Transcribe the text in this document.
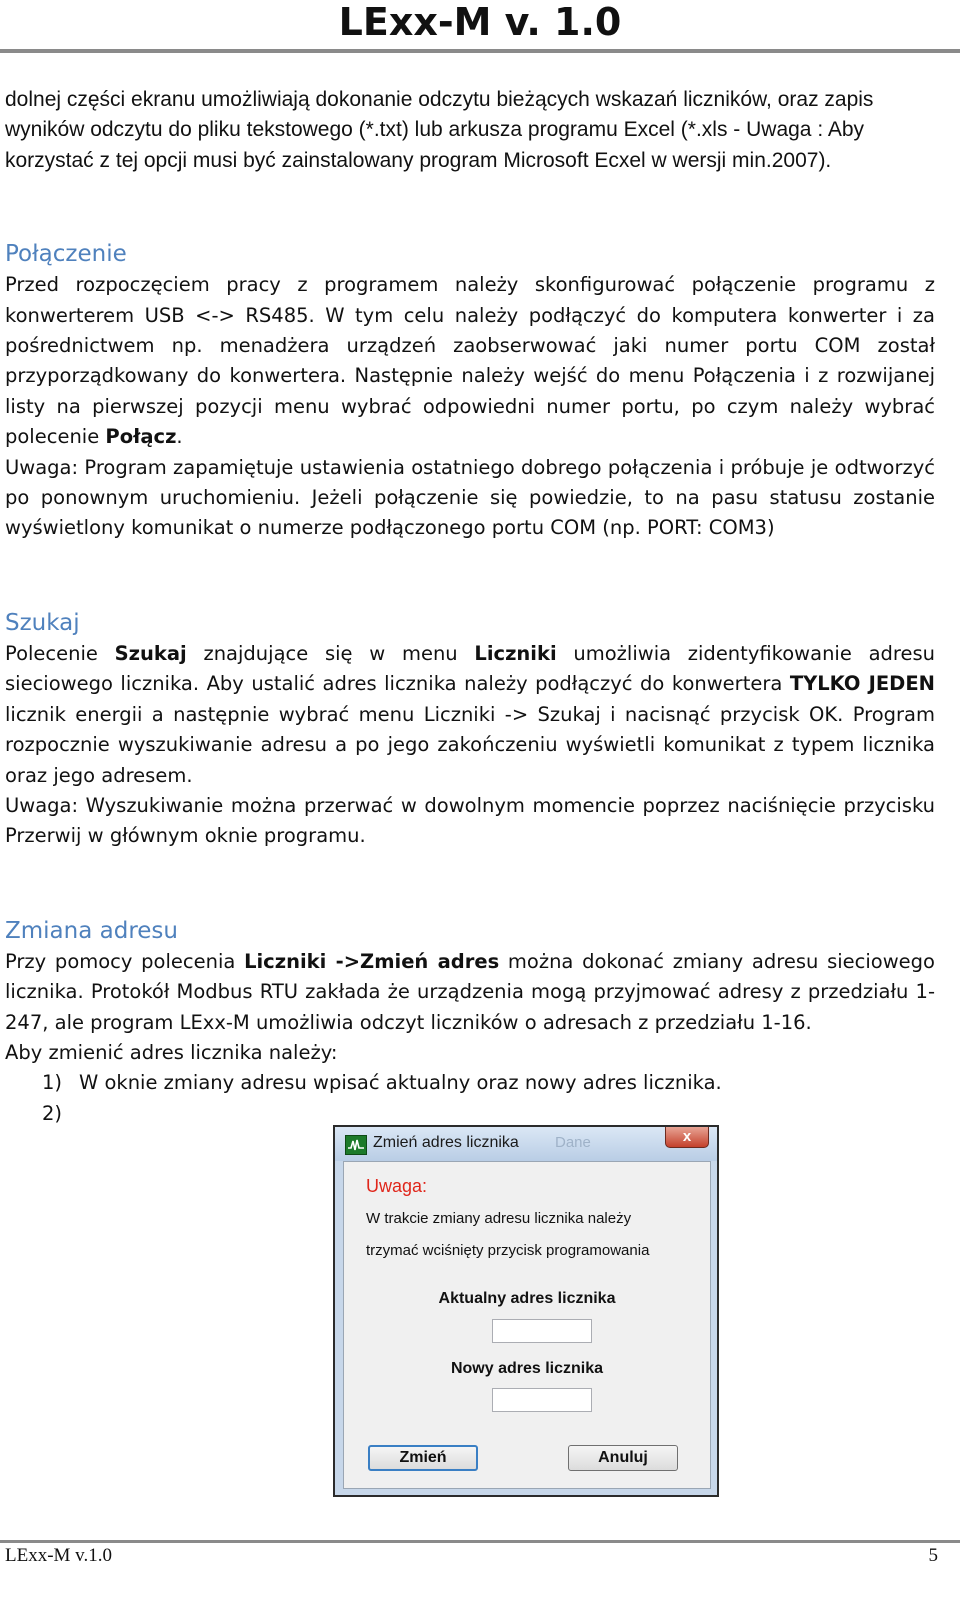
LExx-M v. 1.0

dolnej części ekranu umożliwiają dokonanie odczytu bieżących wskazań liczników, oraz zapis
wyników odczytu do pliku tekstowego (*.txt) lub arkusza programu Excel (*.xls - Uwaga : Aby
korzystać z tej opcji musi być zainstalowany program Microsoft Ecxel w wersji min.2007).

Połączenie

Przed rozpoczęciem pracy z programem należy skonfigurować połączenie programu z konwerterem USB <-> RS485. W tym celu należy podłączyć do komputera konwerter i za pośrednictwem np. menadżera urządzeń zaobserwować jaki numer portu COM został przyporządkowany do konwertera. Następnie należy wejść do menu Połączenia i z rozwijanej listy na pierwszej pozycji menu wybrać odpowiedni numer portu, po czym należy wybrać polecenie Połącz.

Uwaga: Program zapamiętuje ustawienia ostatniego dobrego połączenia i próbuje je odtworzyć po ponownym uruchomieniu. Jeżeli połączenie się powiedzie, to na pasu statusu zostanie wyświetlony komunikat o numerze podłączonego portu COM (np. PORT: COM3)

Szukaj

Polecenie Szukaj znajdujące się w menu Liczniki umożliwia zidentyfikowanie adresu sieciowego licznika. Aby ustalić adres licznika należy podłączyć do konwertera TYLKO JEDEN licznik energii a następnie wybrać menu Liczniki -> Szukaj i nacisnąć przycisk OK. Program rozpocznie wyszukiwanie adresu a po jego zakończeniu wyświetli komunikat z typem licznika oraz jego adresem.

Uwaga: Wyszukiwanie można przerwać w dowolnym momencie poprzez naciśnięcie przycisku Przerwij w głównym oknie programu.

Zmiana adresu

Przy pomocy polecenia Liczniki ->Zmień adres można dokonać zmiany adresu sieciowego licznika. Protokół Modbus RTU zakłada że urządzenia mogą przyjmować adresy z przedziału 1-247, ale program LExx-M umożliwia odczyt liczników o adresach z przedziału 1-16.

Aby zmienić adres licznika należy:

1) W oknie zmiany adresu wpisać aktualny oraz nowy adres licznika.
2)

Zmień adres licznika Dane	x
Uwaga:
W trakcie zmiany adresu licznika należy
trzymać wciśnięty przycisk programowania
Aktualny adres licznika
Nowy adres licznika
Zmień	Anuluj
LExx-M v.1.0	5
